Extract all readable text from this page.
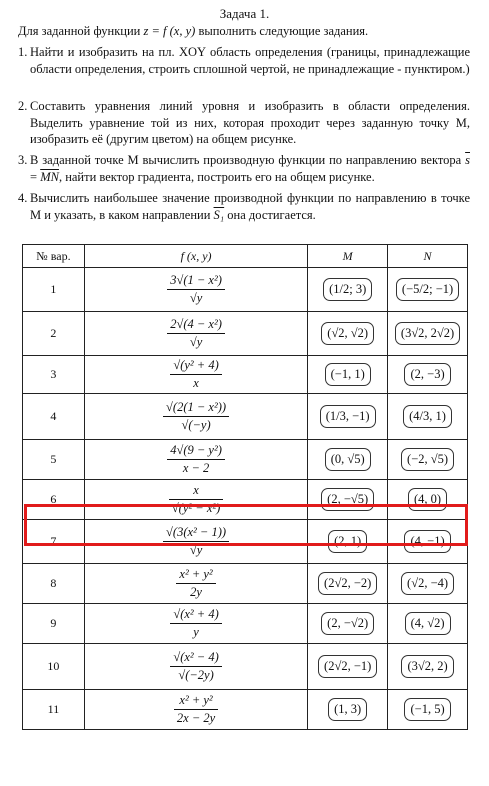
Задача 1.
Для заданной функции z = f (x, y) выполнить следующие задания.
1. Найти и изобразить на пл. XOY область определения (границы, принадлежащие области определения, строить сплошной чертой, не принадлежащие - пунктиром.)
2. Составить уравнения линий уровня и изобразить в области определения. Выделить уравнение той из них, которая проходит через заданную точку M, изобразить её (другим цветом) на общем рисунке.
3. В заданной точке M вычислить производную функции по направлению вектора $\overline{s} = \overline{MN}$, найти вектор градиента, построить его на общем рисунке.
4. Вычислить наибольшее значение производной функции по направлению в точке M и указать, в каком направлении S₁ она достигается.
№ вар.	f (x, y)	M	N
1	$\frac{\text{3√(1 − x²)}}{√y}$	(1/2; 3)	(−5/2; −1)
2	$\frac{\text{2√(4 − x²)}}{√y}$	(√2, √2)	(3√2, 2√2)
3	$\frac{\text{√(y² + 4)}}{x}$	(−1, 1)	(2, −3)
4	$\frac{\text{√(2(1 − x²))}}{√(-y)}$	(1/3, −1)	(4/3, 1)
5	$\frac{\text{4√(9 − y²)}}{x - 2}$	(0, √5)	(−2, √5)
6	$\frac{x}{\text{√(y² − x²)}}$	(2, −√5)	(4, 0)
7	$\frac{\text{√(3(x² − 1))}}{√y}$	(2, 1)	(4, −1)
8	$\frac{\text{x² + y²}}{2y}$	(2√2, −2)	(√2, −4)
9	$\frac{\text{√(x² + 4)}}{y}$	(2, −√2)	(4, √2)
10	$\frac{\text{√(x² − 4)}}{√(-2y)}$	(2√2, −1)	(3√2, 2)
11	$\frac{\text{x² + y²}}{2x - 2y}$	(1, 3)	(−1, 5)
